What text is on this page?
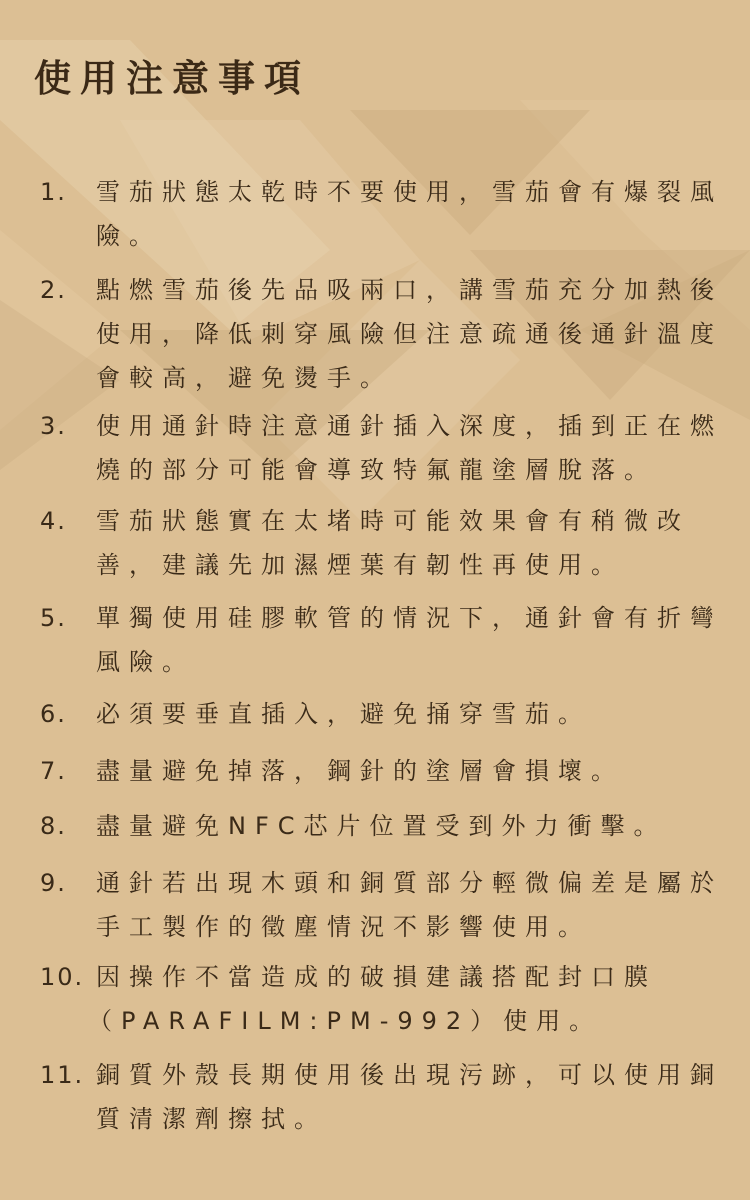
使用注意事項
1. 雪茄狀態太乾時不要使用，雪茄會有爆裂風
險。
2. 點燃雪茄後先品吸兩口，講雪茄充分加熱後
使用，降低刺穿風險但注意疏通後通針溫度
會較高，避免燙手。
3. 使用通針時注意通針插入深度，插到正在燃
燒的部分可能會導致特氟龍塗層脫落。
4. 雪茄狀態實在太堵時可能效果會有稍微改
善，建議先加濕煙葉有韌性再使用。
5. 單獨使用硅膠軟管的情況下，通針會有折彎
風險。
6. 必須要垂直插入，避免捅穿雪茄。
7. 盡量避免掉落，鋼針的塗層會損壞。
8. 盡量避免NFC芯片位置受到外力衝擊。
9. 通針若出現木頭和銅質部分輕微偏差是屬於
手工製作的徵塵情況不影響使用。
10. 因操作不當造成的破損建議搭配封口膜
（PARAFILM:PM-992）使用。
11. 銅質外殼長期使用後出現污跡，可以使用銅
質清潔劑擦拭。
